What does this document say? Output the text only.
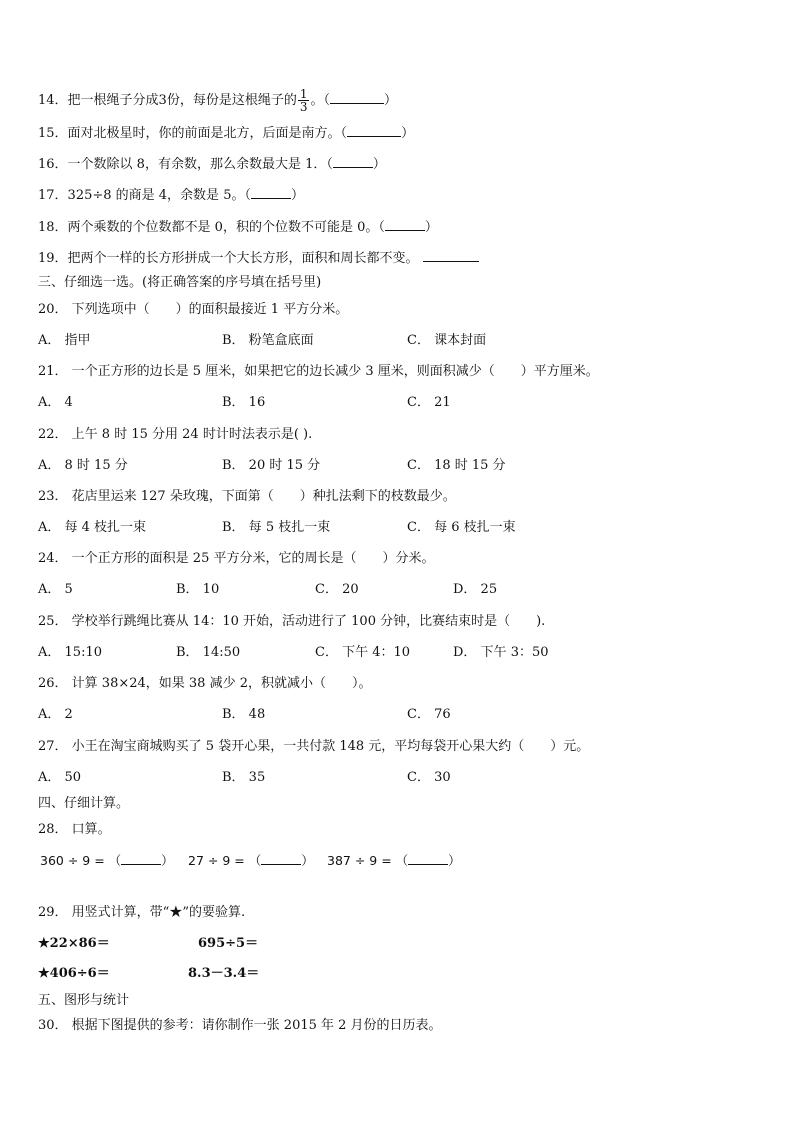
14．把一根绳子分成3份，每份是这根绳子的 $\frac{1}{3}$ 。（	）
15．面对北极星时，你的前面是北方，后面是南方。（	）
16．一个数除以 8，有余数，那么余数最大是 1．（	）
17．325÷8 的商是 4，余数是 5。（	）
18．两个乘数的个位数都不是 0，积的个位数不可能是 0。（	）
19．把两个一样的长方形拼成一个大长方形，面积和周长都不变。
三、仔细选一选。(将正确答案的序号填在括号里)
20． 下列选项中（　　）的面积最接近 1 平方分米。
A． 指甲	B． 粉笔盒底面	C． 课本封面
21． 一个正方形的边长是 5 厘米，如果把它的边长减少 3 厘米，则面积减少（　　）平方厘米。
A． 4	B． 16	C． 21
22． 上午 8 时 15 分用 24 时计时法表示是( ).
A． 8 时 15 分	B． 20 时 15 分	C． 18 时 15 分
23． 花店里运来 127 朵玫瑰，下面第（　　）种扎法剩下的枝数最少。
A． 每 4 枝扎一束	B． 每 5 枝扎一束	C． 每 6 枝扎一束
24． 一个正方形的面积是 25 平方分米，它的周长是（　　）分米。
A． 5	B． 10	C． 20	D． 25
25． 学校举行跳绳比赛从 14：10 开始，活动进行了 100 分钟，比赛结束时是（　　).
A． 15:10	B． 14:50	C． 下午 4：10	D． 下午 3：50
26． 计算 38×24，如果 38 减少 2，积就减小（　　）。
A． 2	B． 48	C． 76
27． 小王在淘宝商城购买了 5 袋开心果，一共付款 148 元，平均每袋开心果大约（　　）元。
A． 50	B． 35	C． 30
四、仔细计算。
28． 口算。
360 ÷ 9 = （	） 27 ÷ 9 = （	） 387 ÷ 9 = （	）
29． 用竖式计算，带“★”的要验算.
★22×86＝	695÷5＝
★406÷6＝	8.3－3.4＝
五、图形与统计
30． 根据下图提供的参考：请你制作一张 2015 年 2 月份的日历表。
